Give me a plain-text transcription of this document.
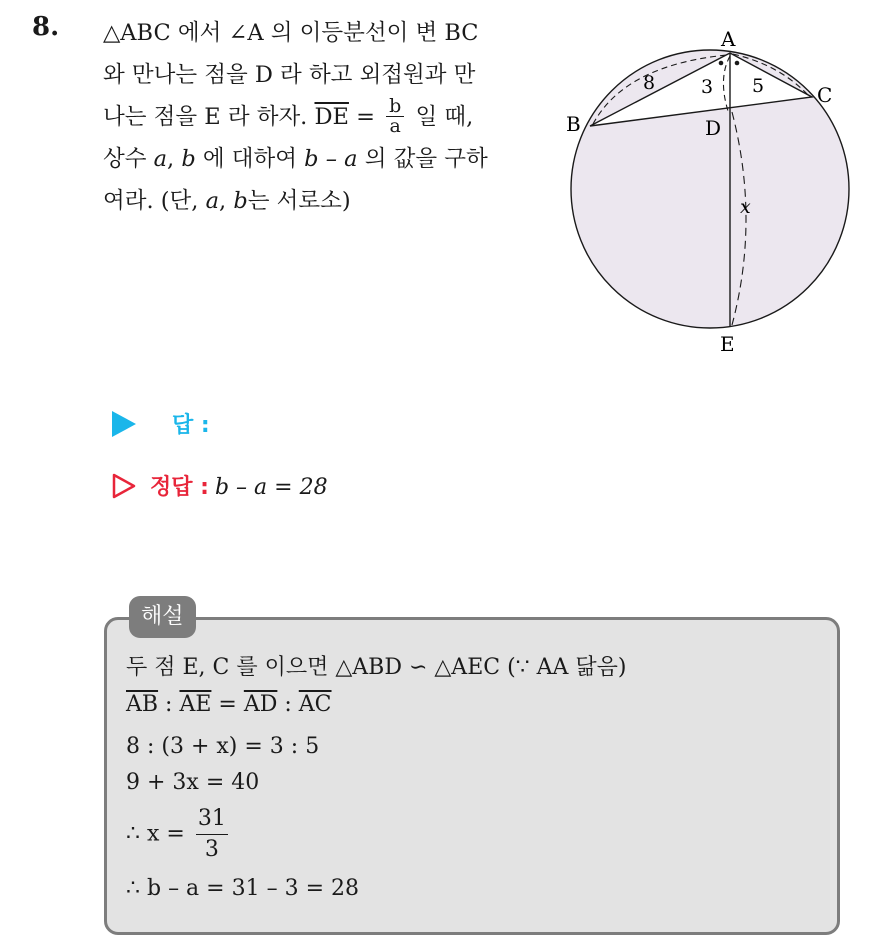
8. △ABC 에서 ∠A 의 이등분선이 변 BC
와 만나는 점을 D 라 하고 외접원과 만
나는 점을 E 라 하자. $\overline{DE} = \frac{b}{a}$ 일 때,
상수 a, b 에 대하여 b – a 의 값을 구하
여라. (단, a, b는 서로소)
A
B
C
D
E
8 3 5
x
답 :
정답 : b – a = 28
해설
두 점 E, C 를 이으면 △ABD ∽ △AEC (∵ AA 닮음)
$\overline{AB}$ : $\overline{AE} = \overline{AD}$ : $\overline{AC}$
8 : (3 + x) = 3 : 5
9 + 3x = 40
∴ $x = \frac{31}{3}$
∴ b – a = 31 – 3 = 28
